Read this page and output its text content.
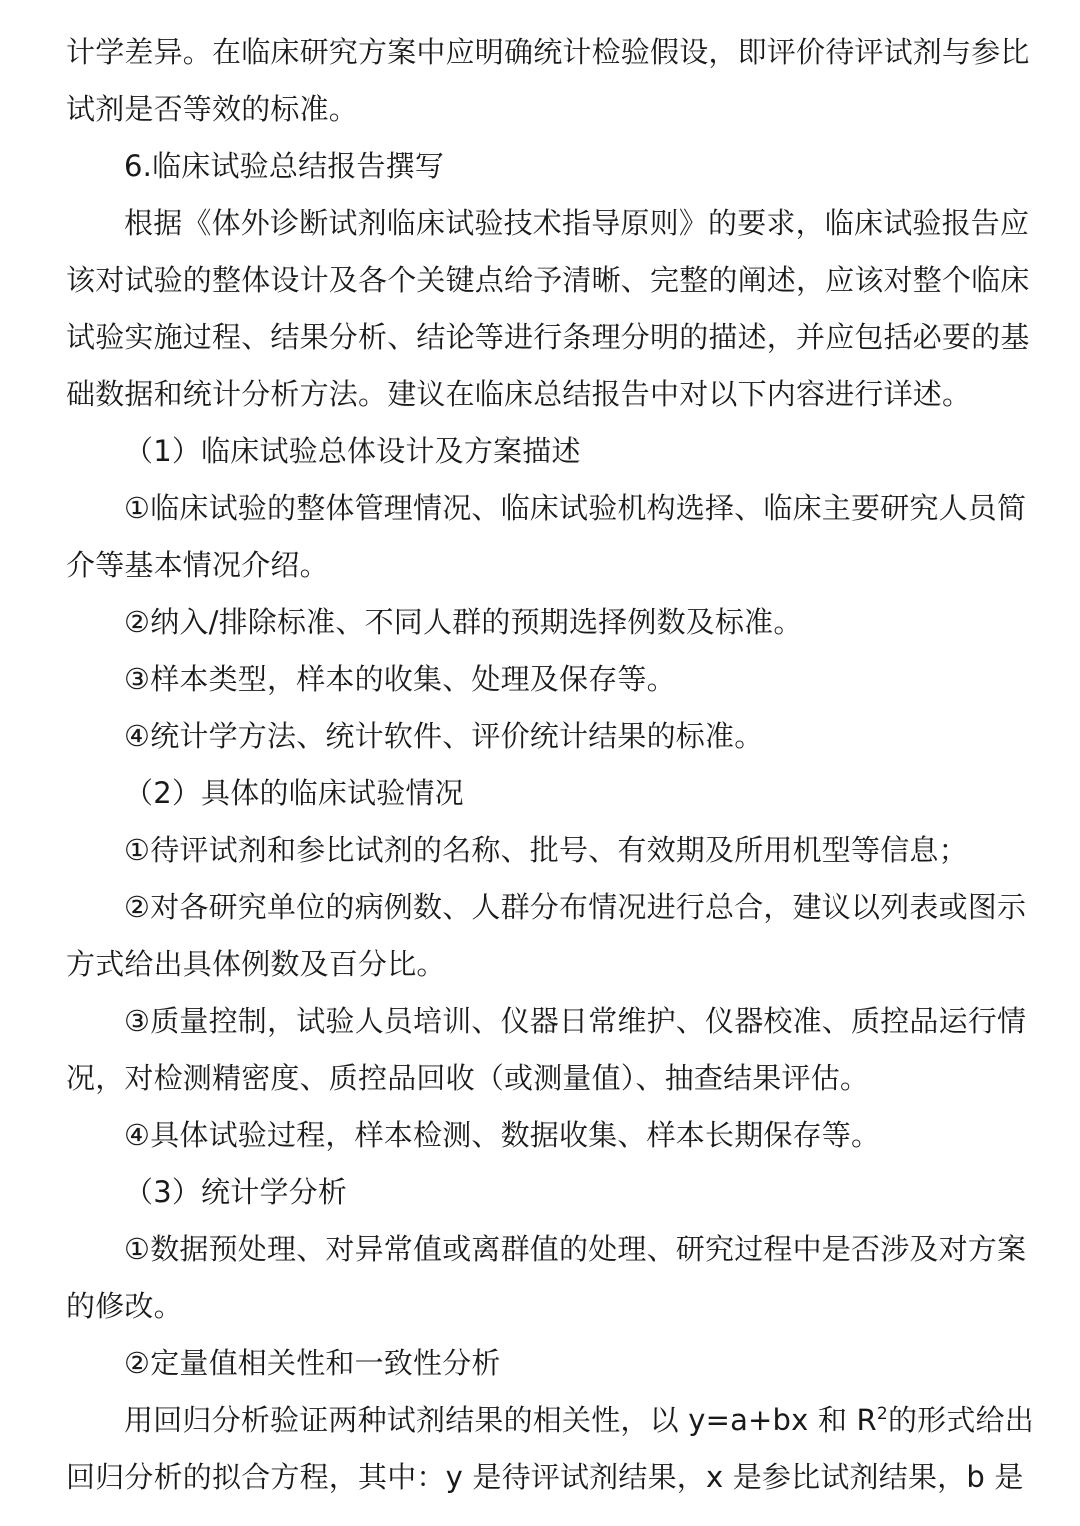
计学差异。在临床研究方案中应明确统计检验假设，即评价待评试剂与参比
试剂是否等效的标准。
6.临床试验总结报告撰写
根据《体外诊断试剂临床试验技术指导原则》的要求，临床试验报告应
该对试验的整体设计及各个关键点给予清晰、完整的阐述，应该对整个临床
试验实施过程、结果分析、结论等进行条理分明的描述，并应包括必要的基
础数据和统计分析方法。建议在临床总结报告中对以下内容进行详述。
（1）临床试验总体设计及方案描述
①临床试验的整体管理情况、临床试验机构选择、临床主要研究人员简
介等基本情况介绍。
②纳入/排除标准、不同人群的预期选择例数及标准。
③样本类型，样本的收集、处理及保存等。
④统计学方法、统计软件、评价统计结果的标准。
（2）具体的临床试验情况
①待评试剂和参比试剂的名称、批号、有效期及所用机型等信息；
②对各研究单位的病例数、人群分布情况进行总合，建议以列表或图示
方式给出具体例数及百分比。
③质量控制，试验人员培训、仪器日常维护、仪器校准、质控品运行情
况，对检测精密度、质控品回收（或测量值）、抽查结果评估。
④具体试验过程，样本检测、数据收集、样本长期保存等。
（3）统计学分析
①数据预处理、对异常值或离群值的处理、研究过程中是否涉及对方案
的修改。
②定量值相关性和一致性分析
用回归分析验证两种试剂结果的相关性，以 y=a+bx 和 $R^2$的形式给出
回归分析的拟合方程，其中：y 是待评试剂结果，x 是参比试剂结果，b 是
